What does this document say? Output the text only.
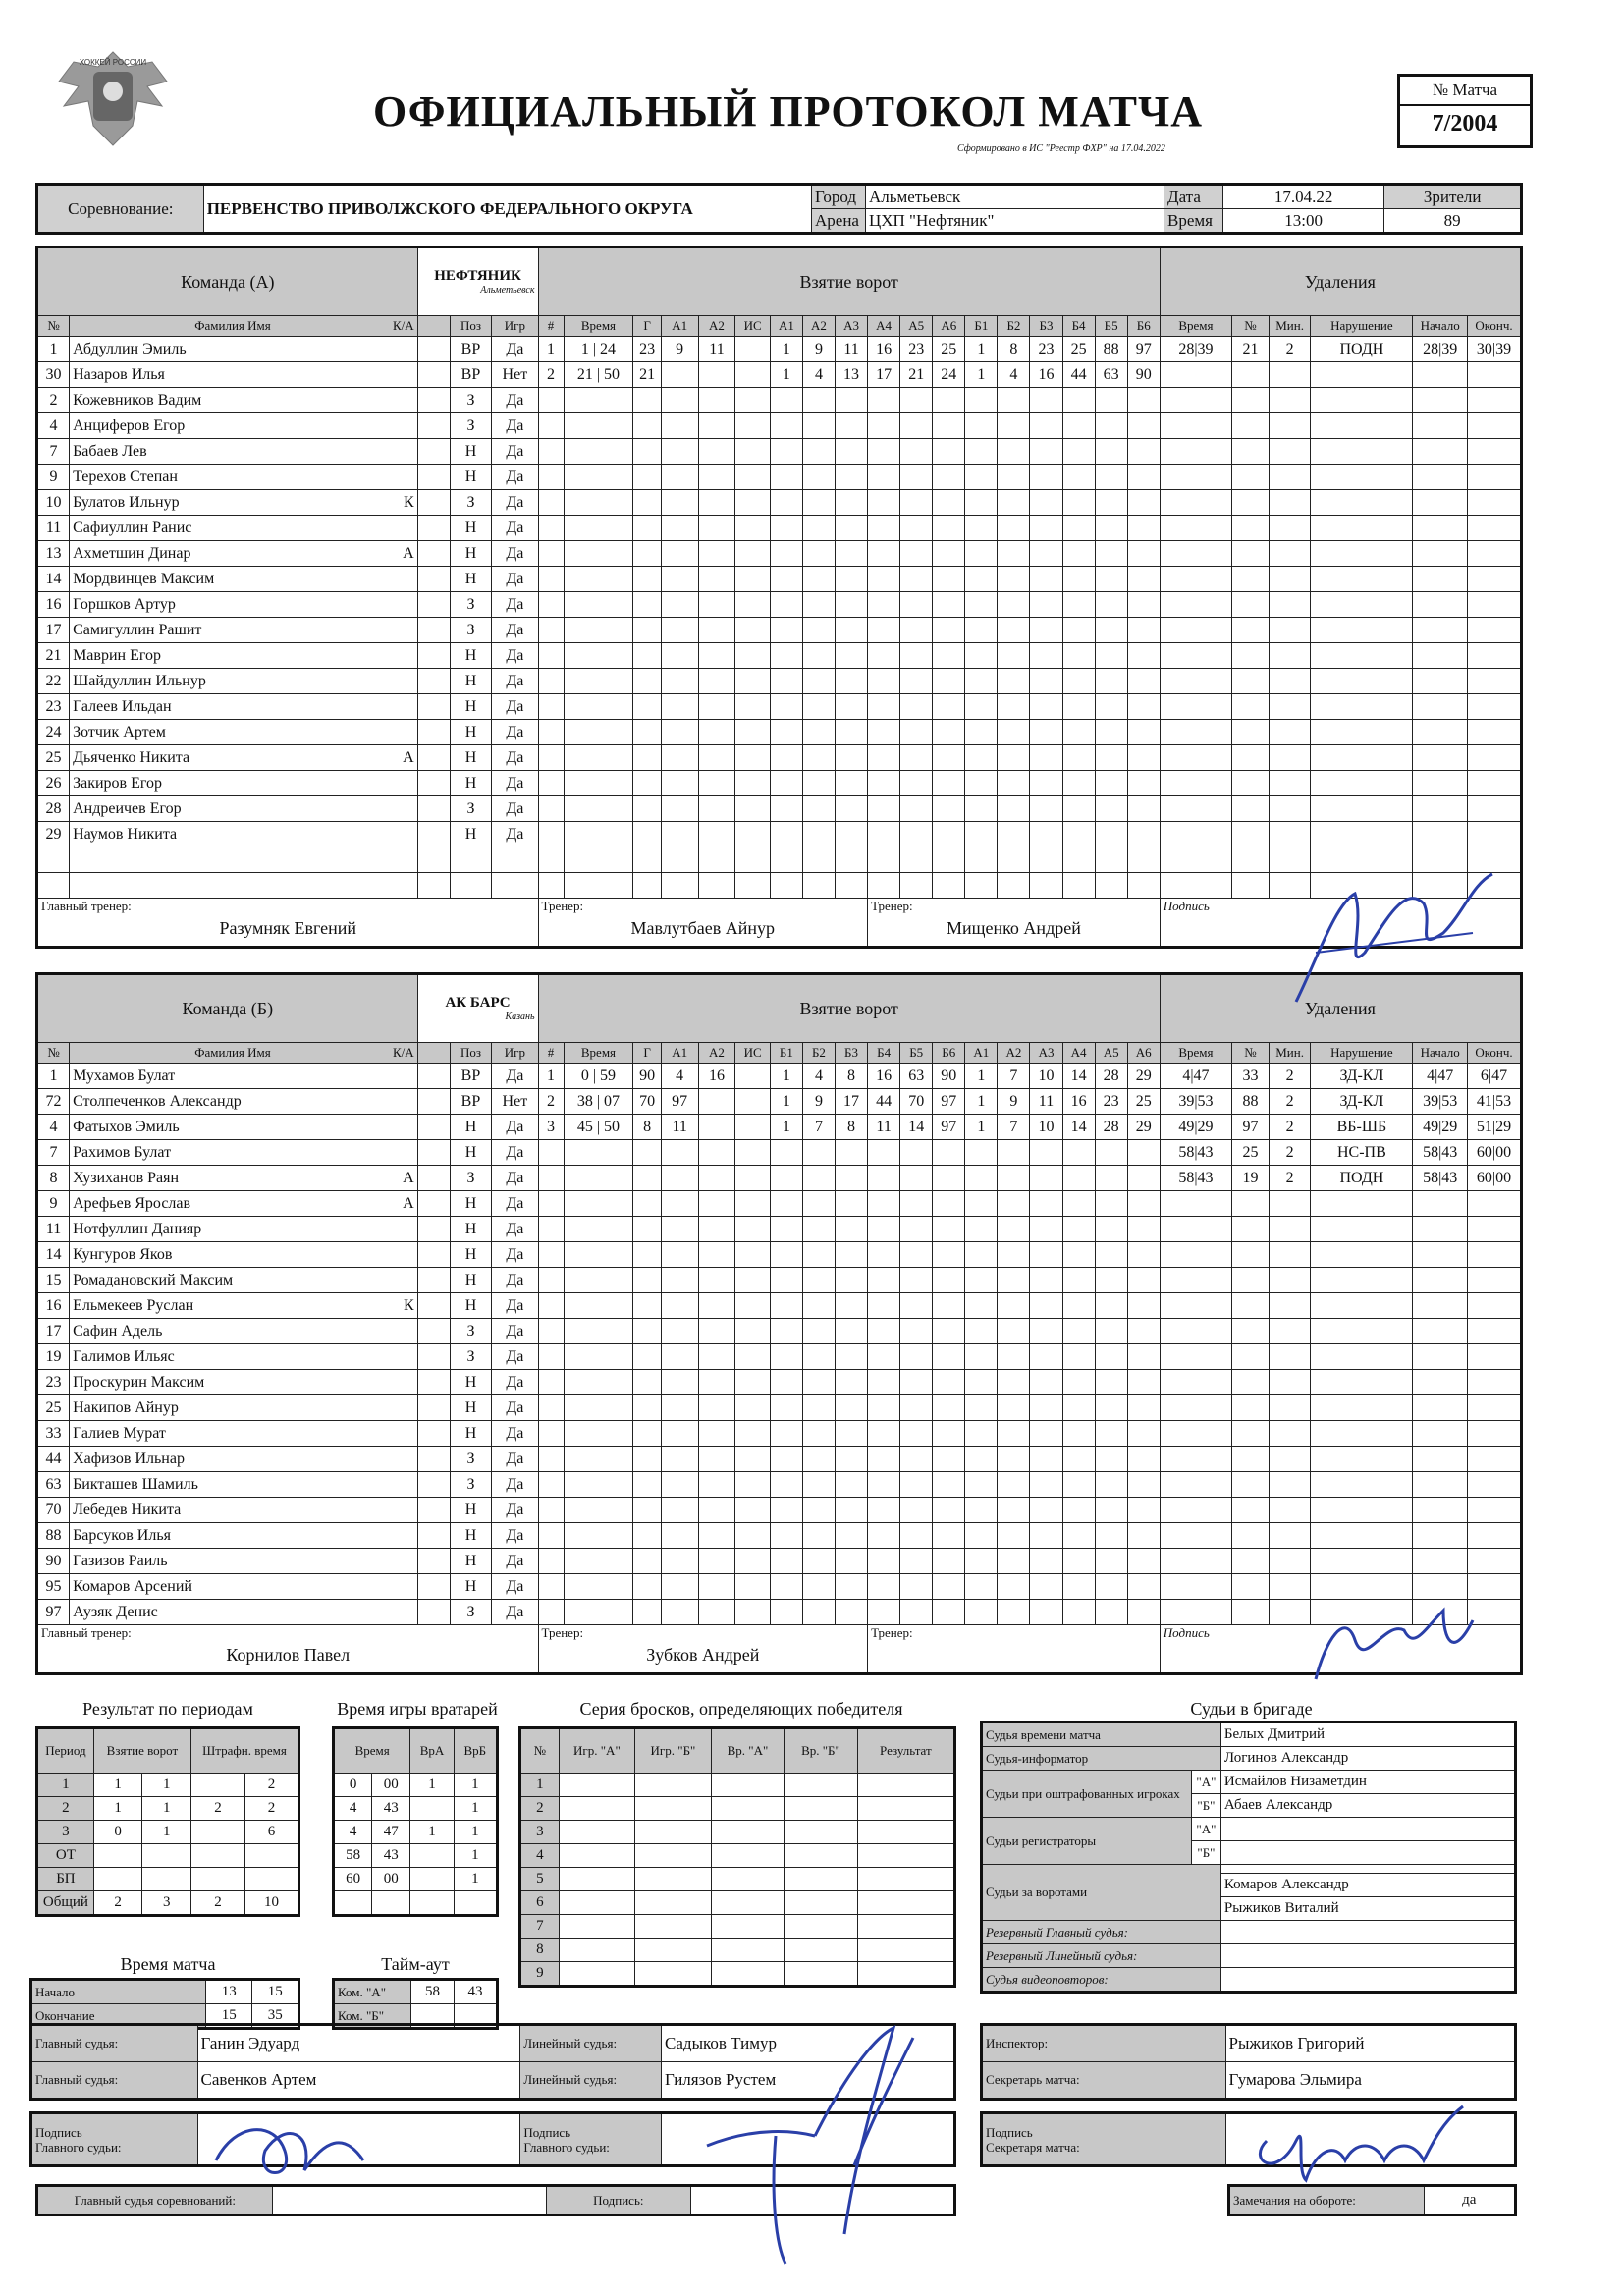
ХОККЕЙ РОССИИ
ОФИЦИАЛЬНЫЙ ПРОТОКОЛ МАТЧА
Сформировано в ИС "Реестр ФХР" на 17.04.2022
№ Матча
7/2004
Соревнование:	ПЕРВЕНСТВО ПРИВОЛЖСКОГО ФЕДЕРАЛЬНОГО ОКРУГА	Город	Альметьевск	Дата	17.04.22	Зрители
		Арена	ЦХП "Нефтяник"	Время	13:00	89
Команда (А)		НЕФТЯНИК
Альметьевск			Взятие ворот																		Удаления					
№	Фамилия Имя К/А		Поз	Игр	#	Время	Г	А1	А2	ИС	А1	А2	А3	А4	А5	А6	Б1	Б2	Б3	Б4	Б5	Б6	Время	№	Мин.	Нарушение	Начало	Оконч.
1	Абдуллин Эмиль		ВР	Да	1	1 | 24	23	9	11		1	9	11	16	23	25	1	8	23	25	88	97	28|39	21	2	ПОДН	28|39	30|39
30	Назаров Илья		ВР	Нет	2	21 | 50	21				1	4	13	17	21	24	1	4	16	44	63	90						
2	Кожевников Вадим		З	Да																								
4	Анциферов Егор		З	Да																								
7	Бабаев Лев		Н	Да																								
9	Терехов Степан		Н	Да																								
10	Булатов Ильнур К		З	Да																								
11	Сафиуллин Ранис		Н	Да																								
13	Ахметшин Динар А		Н	Да																								
14	Мордвинцев Максим		Н	Да																								
16	Горшков Артур		З	Да																								
17	Самигуллин Рашит		З	Да																								
21	Маврин Егор		Н	Да																								
22	Шайдуллин Ильнур		Н	Да																								
23	Галеев Ильдан		Н	Да																								
24	Зотчик Артем		Н	Да																								
25	Дьяченко Никита А		Н	Да																								
26	Закиров Егор		Н	Да																								
28	Андреичев Егор		З	Да																								
29	Наумов Никита		Н	Да																								

Главный тренер:
Разумняк Евгений					Тренер:
Мавлутбаев Айнур									Тренер:
Мищенко Андрей									Подпись					
Команда (Б)		АК БАРС
Казань			Взятие ворот																		Удаления					
№	Фамилия Имя К/А		Поз	Игр	#	Время	Г	А1	А2	ИС	Б1	Б2	Б3	Б4	Б5	Б6	А1	А2	А3	А4	А5	А6	Время	№	Мин.	Нарушение	Начало	Оконч.
1	Мухамов Булат		ВР	Да	1	0 | 59	90	4	16		1	4	8	16	63	90	1	7	10	14	28	29	4|47	33	2	ЗД-КЛ	4|47	6|47
72	Столпеченков Александр		ВР	Нет	2	38 | 07	70	97			1	9	17	44	70	97	1	9	11	16	23	25	39|53	88	2	ЗД-КЛ	39|53	41|53
4	Фатыхов Эмиль		Н	Да	3	45 | 50	8	11			1	7	8	11	14	97	1	7	10	14	28	29	49|29	97	2	ВБ-ШБ	49|29	51|29
7	Рахимов Булат		Н	Да																			58|43	25	2	НС-ПВ	58|43	60|00
8	Хузиханов Раян А		З	Да																			58|43	19	2	ПОДН	58|43	60|00
9	Арефьев Ярослав А		Н	Да																								
11	Нотфуллин Данияр		Н	Да																								
14	Кунгуров Яков		Н	Да																								
15	Ромадановский Максим		Н	Да																								
16	Ельмекеев Руслан К		Н	Да																								
17	Сафин Адель		З	Да																								
19	Галимов Ильяс		З	Да																								
23	Проскурин Максим		Н	Да																								
25	Накипов Айнур		Н	Да																								
33	Галиев Мурат		Н	Да																								
44	Хафизов Ильнар		З	Да																								
63	Бикташев Шамиль		З	Да																								
70	Лебедев Никита		Н	Да																								
88	Барсуков Илья		Н	Да																								
90	Газизов Раиль		Н	Да																								
95	Комаров Арсений		Н	Да																								
97	Аузяк Денис		З	Да																								

Главный тренер:
Корнилов Павел					Тренер:
Зубков Андрей									Тренер:									Подпись					
Результат по периодам
Период	Взятие ворот		Штрафн. время	
1	1	1		2
2	1	1	2	2
3	0	1		6
ОТ				
БП				
Общий	2	3	2	10
Время игры вратарей
Время		ВрА	ВрБ
0	00	1	1
4	43		1
4	47	1	1
58	43		1
60	00		1

Время матча
Начало	13	15
Окончание	15	35
Тайм-аут
Ком. "А"	58	43
Ком. "Б"		
Серия бросков, определяющих победителя
№	Игр. "А"	Игр. "Б"	Вр. "А"	Вр. "Б"	Результат
1					
2					
3					
4					
5					
6					
7					
8					
9					
Судьи в бригаде
Судья времени матча		Белых Дмитрий
Судья-информатор		Логинов Александр
Судьи при оштрафованных игроках	"А"	Исмайлов Низаметдин
	"Б"	Абаев Александр
Судьи регистраторы	"А"	
	"Б"	
Судьи за воротами		
		Комаров Александр
		Рыжиков Виталий
Резервный Главный судья:		
Резервный Линейный судья:		
Судья видеоповторов:		
Главный судья:	Ганин Эдуард	Линейный судья:	Садыков Тимур
Главный судья:	Савенков Артем	Линейный судья:	Гилязов Рустем
Инспектор:	Рыжиков Григорий
Секретарь матча:	Гумарова Эльмира
Подпись
Главного судьи:		Подпись
Главного судьи:	
Подпись
Секретаря матча:	
Главный судья соревнований:		Подпись:		Замечания на обороте:	да
